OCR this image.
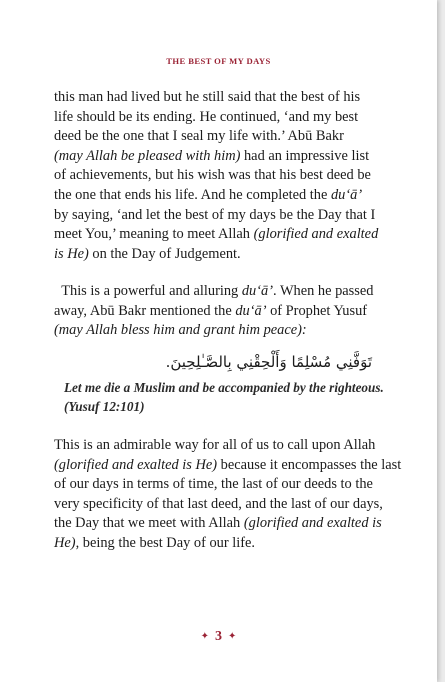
THE BEST OF MY DAYS
this man had lived but he still said that the best of his
life should be its ending. He continued, ‘and my best
deed be the one that I seal my life with.’ Abū Bakr
(may Allah be pleased with him) had an impressive list
of achievements, but his wish was that his best deed be
the one that ends his life. And he completed the du‘ā’
by saying, ‘and let the best of my days be the Day that I
meet You,’ meaning to meet Allah (glorified and exalted
is He) on the Day of Judgement.
This is a powerful and alluring du‘ā’. When he passed
away, Abū Bakr mentioned the du‘ā’ of Prophet Yusuf
(may Allah bless him and grant him peace):
تَوَفَّنِي مُسْلِمًا وَأَلْحِقْنِي بِالصَّـٰلِحِينَ.
Let me die a Muslim and be accompanied by the righteous.
(Yusuf 12:101)
This is an admirable way for all of us to call upon Allah
(glorified and exalted is He) because it encompasses the last
of our days in terms of time, the last of our deeds to the
very specificity of that last deed, and the last of our days,
the Day that we meet with Allah (glorified and exalted is
He), being the best Day of our life.
✦ 3 ✦
